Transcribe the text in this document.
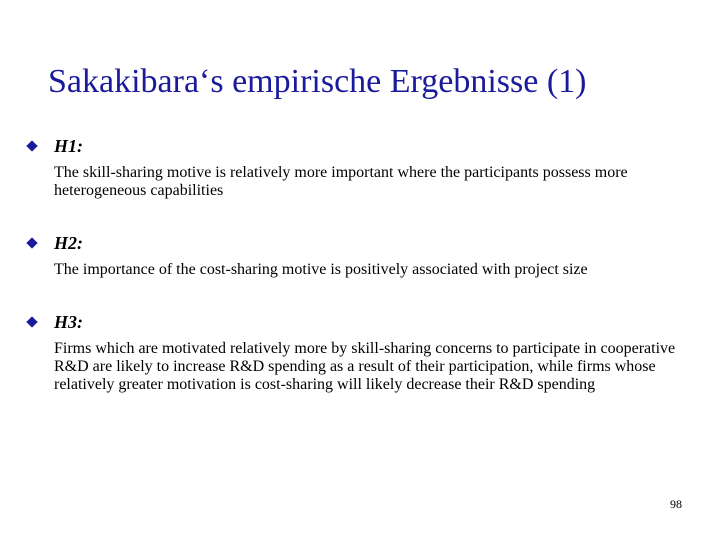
Sakakibara‘s empirische Ergebnisse (1)
H1:
The skill-sharing motive is relatively more important where the participants possess more heterogeneous capabilities
H2:
The importance of the cost-sharing motive is positively associated with project size
H3:
Firms which are motivated relatively more by skill-sharing concerns to participate in cooperative R&D are likely to increase R&D spending as a result of their participation, while firms whose relatively greater motivation is cost-sharing will likely decrease their R&D spending
98
